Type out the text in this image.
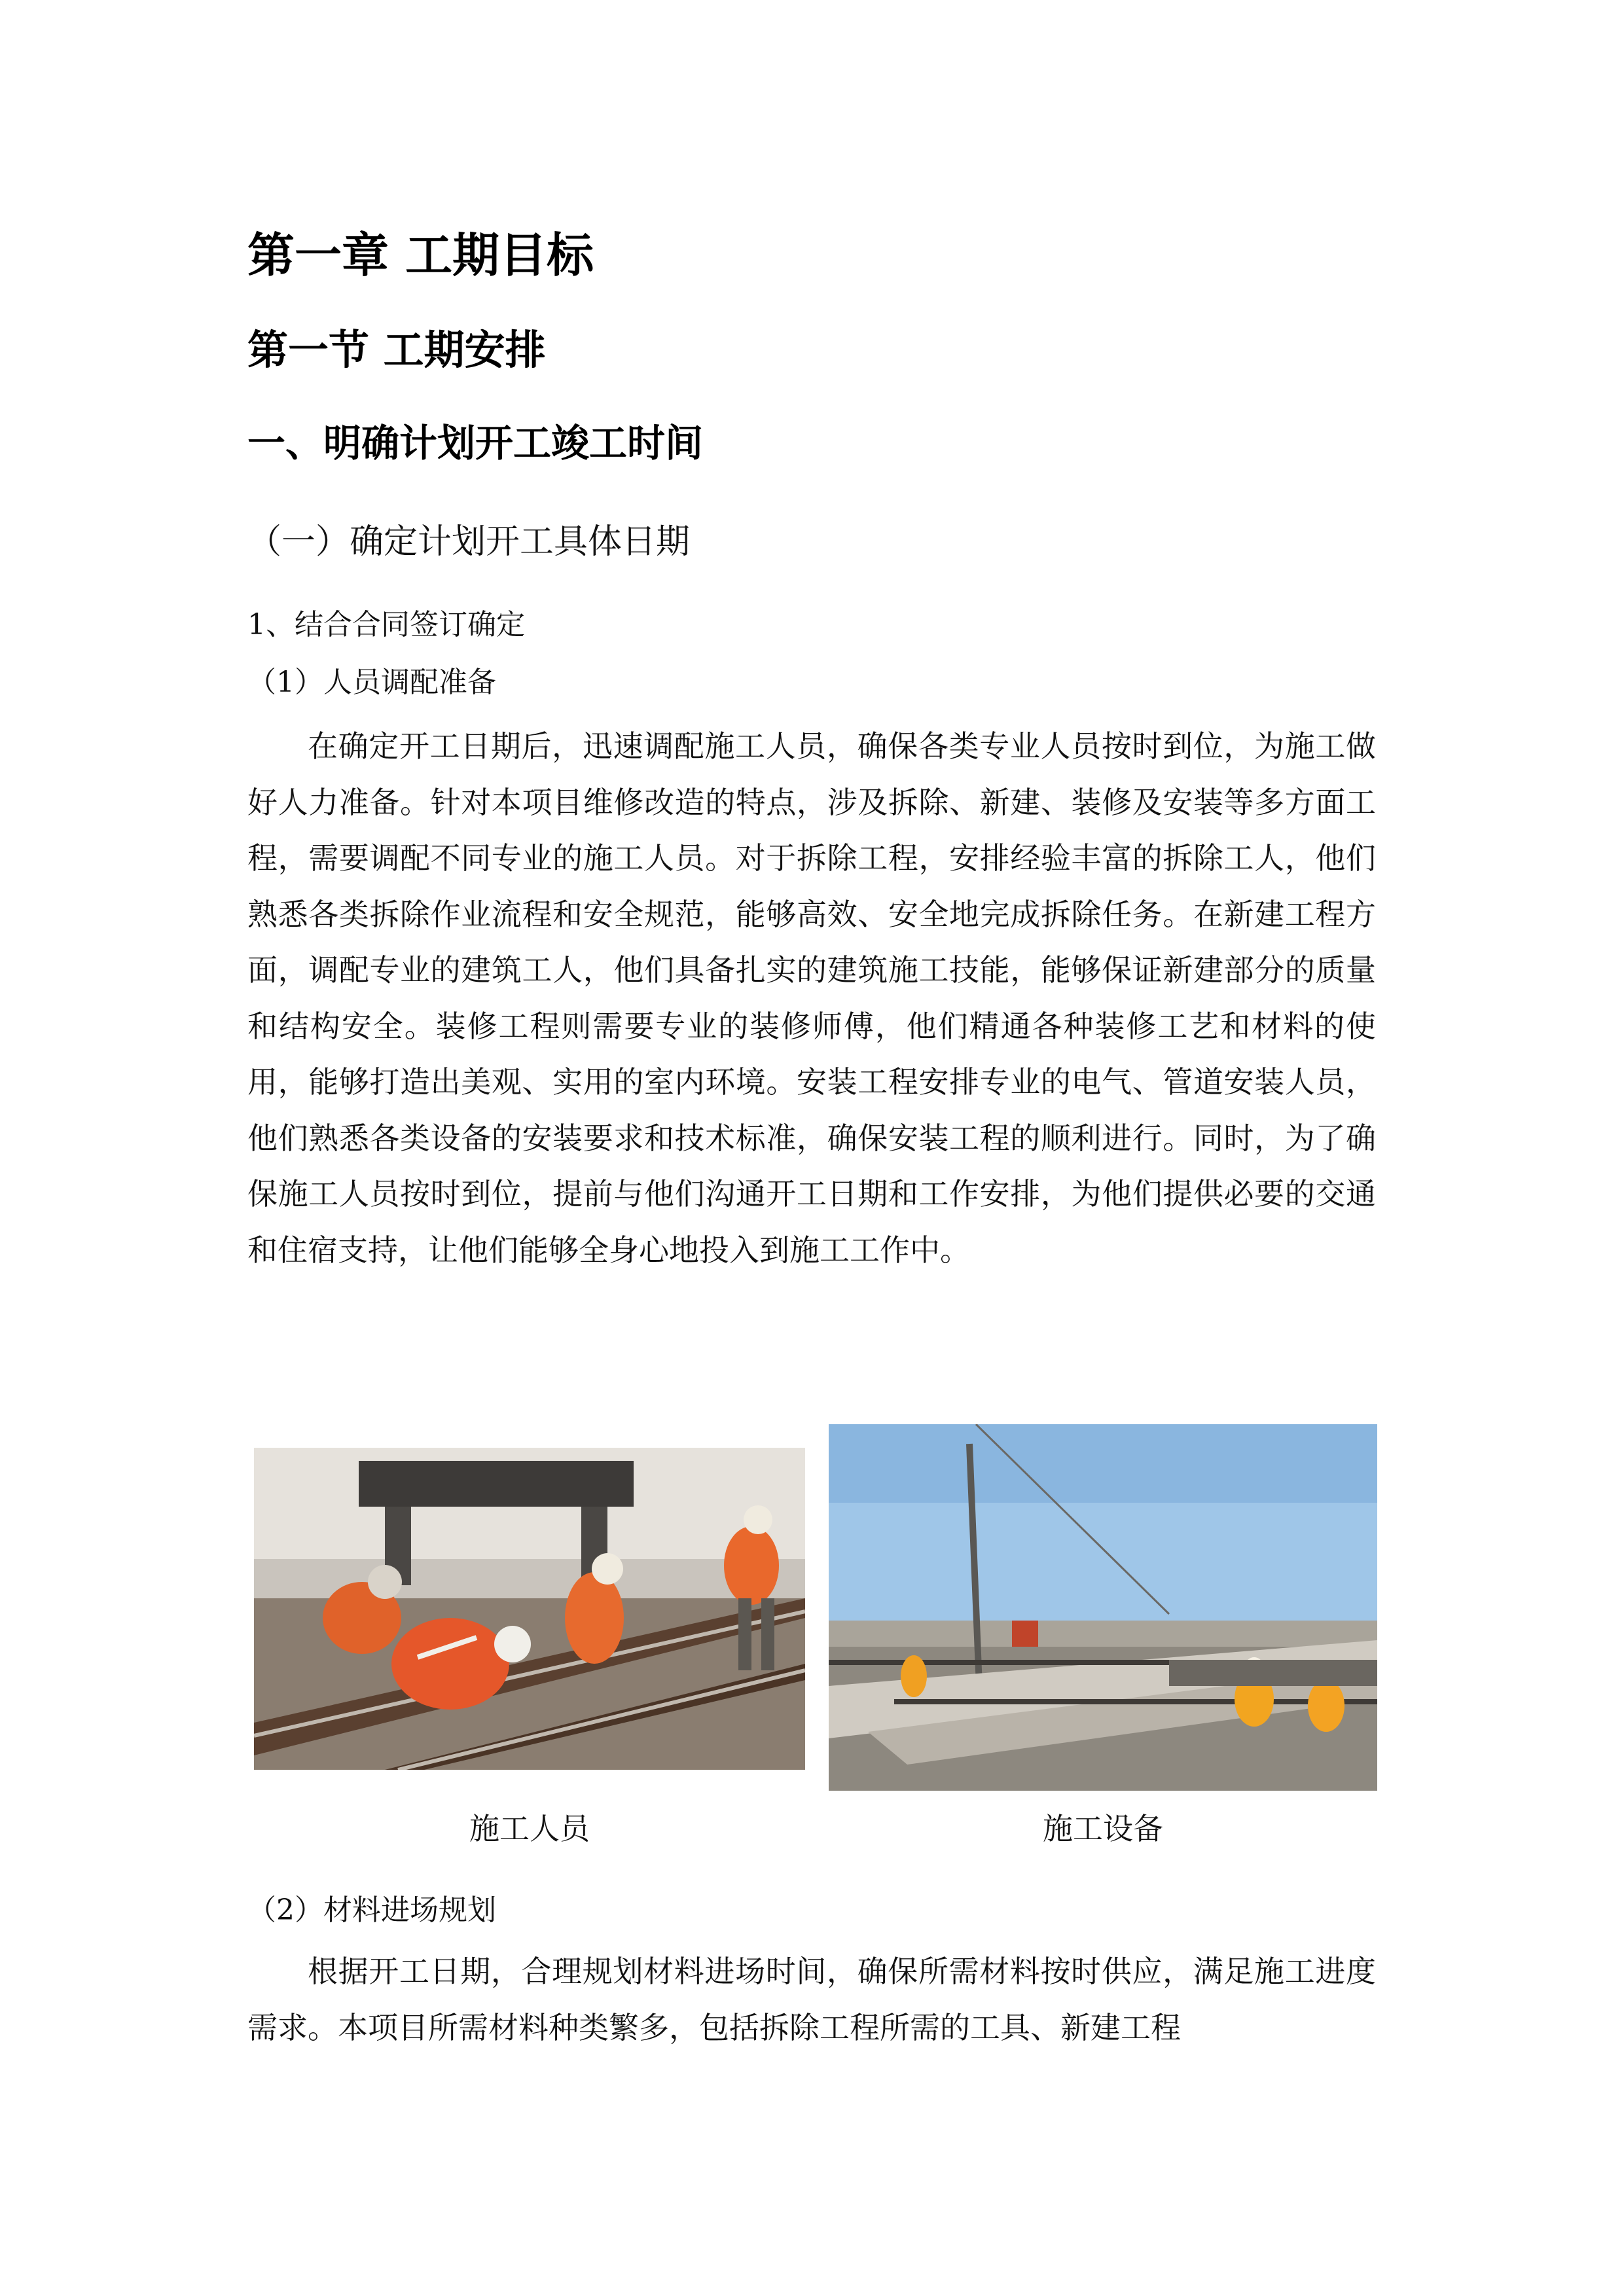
第一章 工期目标
第一节 工期安排
一、明确计划开工竣工时间
（一）确定计划开工具体日期
1、结合合同签订确定
（1）人员调配准备

在确定开工日期后，迅速调配施工人员，确保各类专业人员按时到位，为施工做好人力准备。针对本项目维修改造的特点，涉及拆除、新建、装修及安装等多方面工程，需要调配不同专业的施工人员。对于拆除工程，安排经验丰富的拆除工人，他们熟悉各类拆除作业流程和安全规范，能够高效、安全地完成拆除任务。在新建工程方面，调配专业的建筑工人，他们具备扎实的建筑施工技能，能够保证新建部分的质量和结构安全。装修工程则需要专业的装修师傅，他们精通各种装修工艺和材料的使用，能够打造出美观、实用的室内环境。安装工程安排专业的电气、管道安装人员，他们熟悉各类设备的安装要求和技术标准，确保安装工程的顺利进行。同时，为了确保施工人员按时到位，提前与他们沟通开工日期和工作安排，为他们提供必要的交通和住宿支持，让他们能够全身心地投入到施工工作中。

施工人员	施工设备
（2）材料进场规划

根据开工日期，合理规划材料进场时间，确保所需材料按时供应，满足施工进度需求。本项目所需材料种类繁多，包括拆除工程所需的工具、新建工程
